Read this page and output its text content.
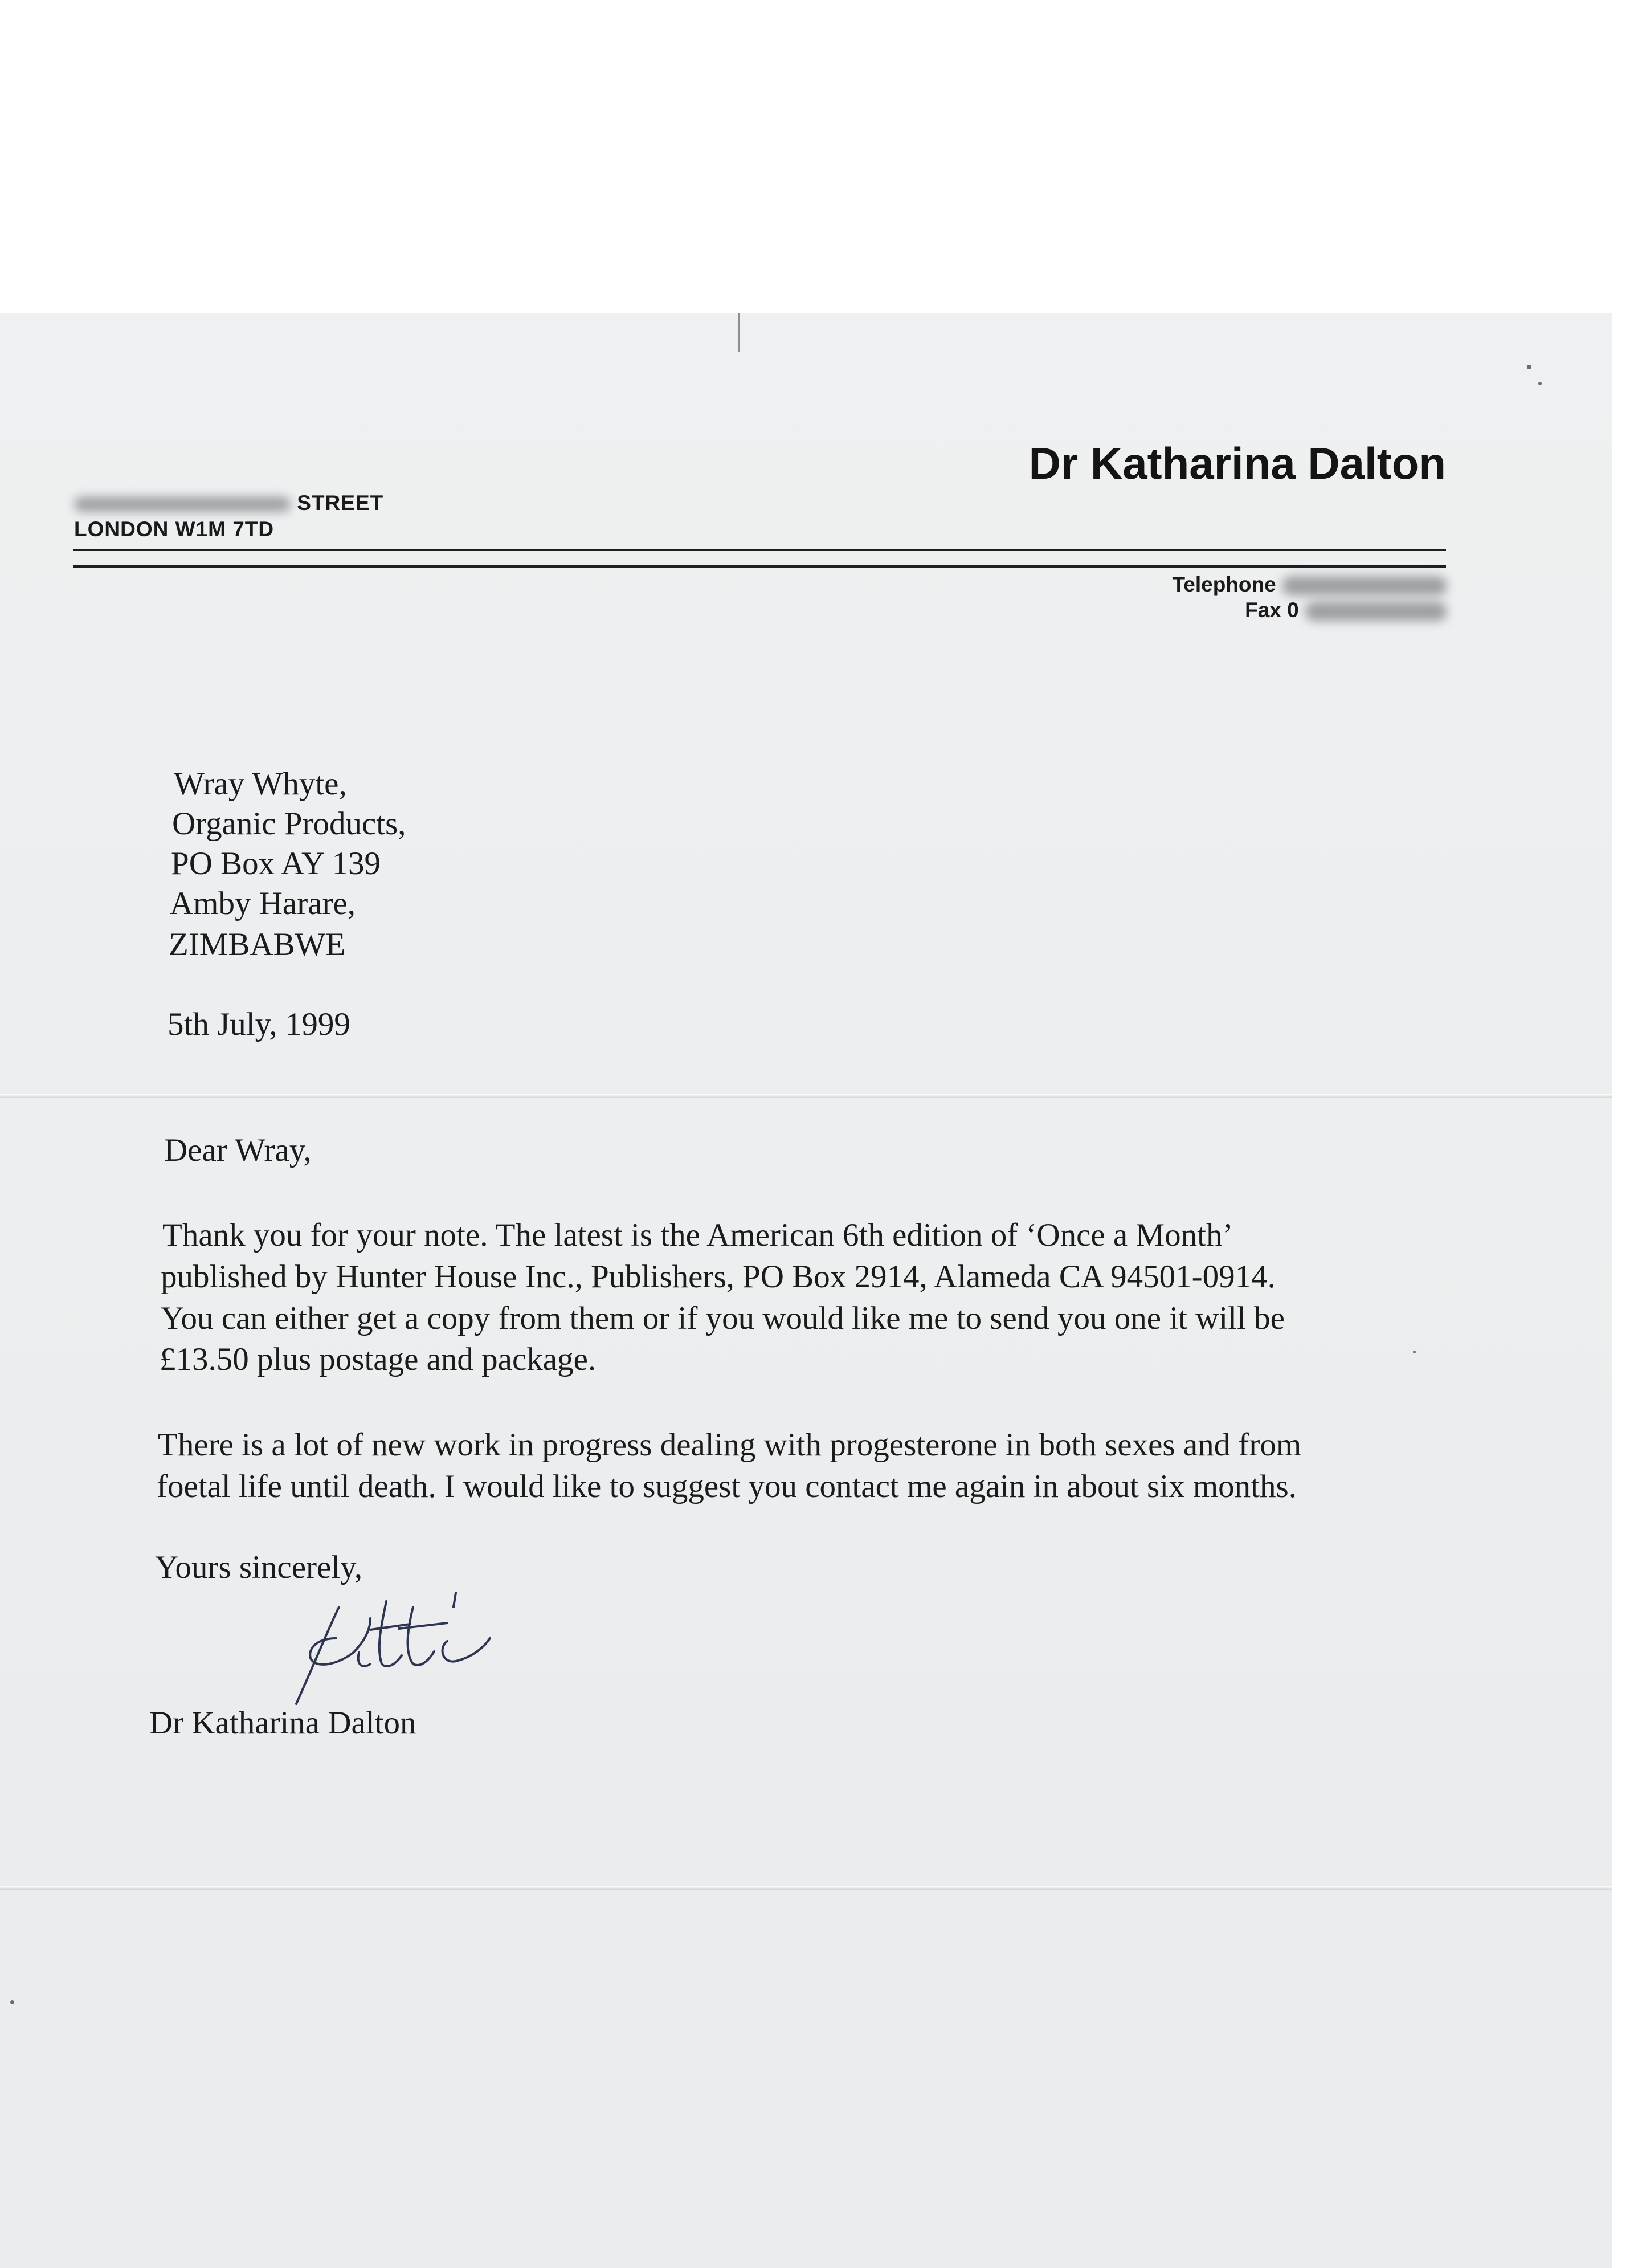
Dr Katharina Dalton
STREET
LONDON W1M 7TD
Telephone
Fax 0
Wray Whyte,
Organic Products,
PO Box AY 139
Amby Harare,
ZIMBABWE
5th July, 1999
Dear Wray,
Thank you for your note. The latest is the American 6th edition of ‘Once a Month’
published by Hunter House Inc., Publishers, PO Box 2914, Alameda CA 94501-0914.
You can either get a copy from them or if you would like me to send you one it will be
£13.50 plus postage and package.
There is a lot of new work in progress dealing with progesterone in both sexes and from
foetal life until death. I would like to suggest you contact me again in about six months.
Yours sincerely,
Dr Katharina Dalton
